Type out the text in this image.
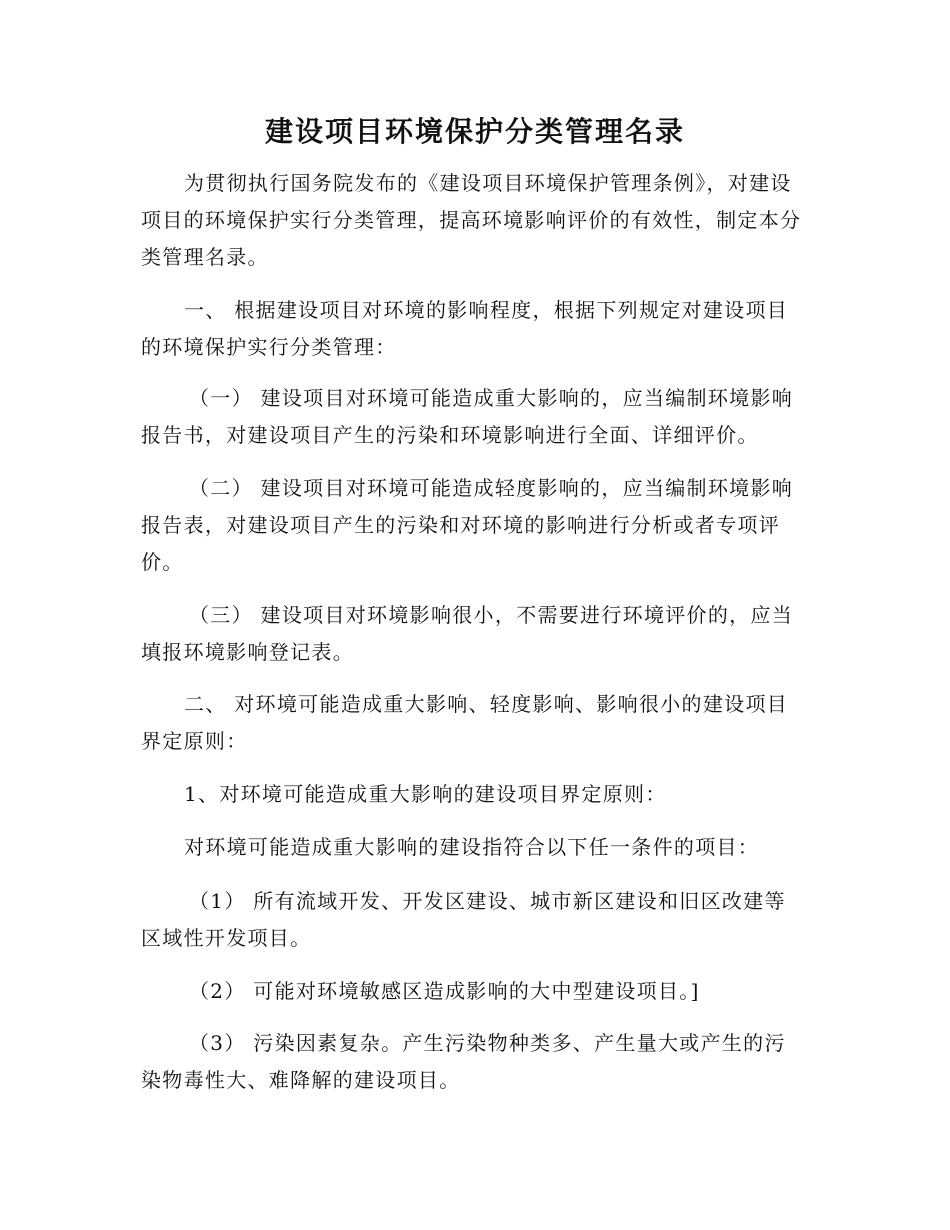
建设项目环境保护分类管理名录

为贯彻执行国务院发布的《建设项目环境保护管理条例》，对建设项目的环境保护实行分类管理，提高环境影响评价的有效性，制定本分类管理名录。

一、 根据建设项目对环境的影响程度，根据下列规定对建设项目的环境保护实行分类管理：

（一） 建设项目对环境可能造成重大影响的，应当编制环境影响报告书，对建设项目产生的污染和环境影响进行全面、详细评价。

（二） 建设项目对环境可能造成轻度影响的，应当编制环境影响报告表，对建设项目产生的污染和对环境的影响进行分析或者专项评价。

（三） 建设项目对环境影响很小，不需要进行环境评价的，应当填报环境影响登记表。

二、 对环境可能造成重大影响、轻度影响、影响很小的建设项目界定原则：

1、对环境可能造成重大影响的建设项目界定原则：

对环境可能造成重大影响的建设指符合以下任一条件的项目：

（1） 所有流域开发、开发区建设、城市新区建设和旧区改建等区域性开发项目。

（2） 可能对环境敏感区造成影响的大中型建设项目。]

（3） 污染因素复杂。产生污染物种类多、产生量大或产生的污染物毒性大、难降解的建设项目。
